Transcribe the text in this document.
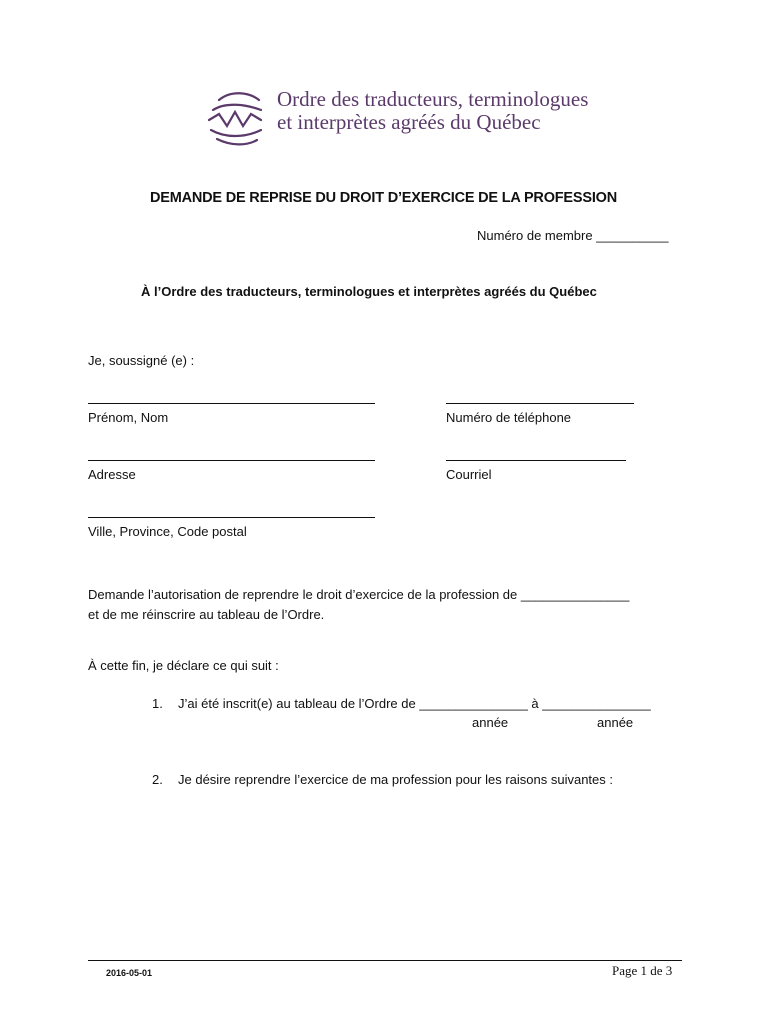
Ordre des traducteurs, terminologues
et interprètes agréés du Québec
DEMANDE DE REPRISE DU DROIT D’EXERCICE DE LA PROFESSION
Numéro de membre __________
À l’Ordre des traducteurs, terminologues et interprètes agréés du Québec
Je, soussigné (e) :
Prénom, Nom	Numéro de téléphone
Adresse	Courriel
Ville, Province, Code postal
Demande l’autorisation de reprendre le droit d’exercice de la profession de _______________
et de me réinscrire au tableau de l’Ordre.
À cette fin, je déclare ce qui suit :
1. J’ai été inscrit(e) au tableau de l’Ordre de _______________ à _______________
année	année
2. Je désire reprendre l’exercice de ma profession pour les raisons suivantes :
2016-05-01	Page 1 de 3
